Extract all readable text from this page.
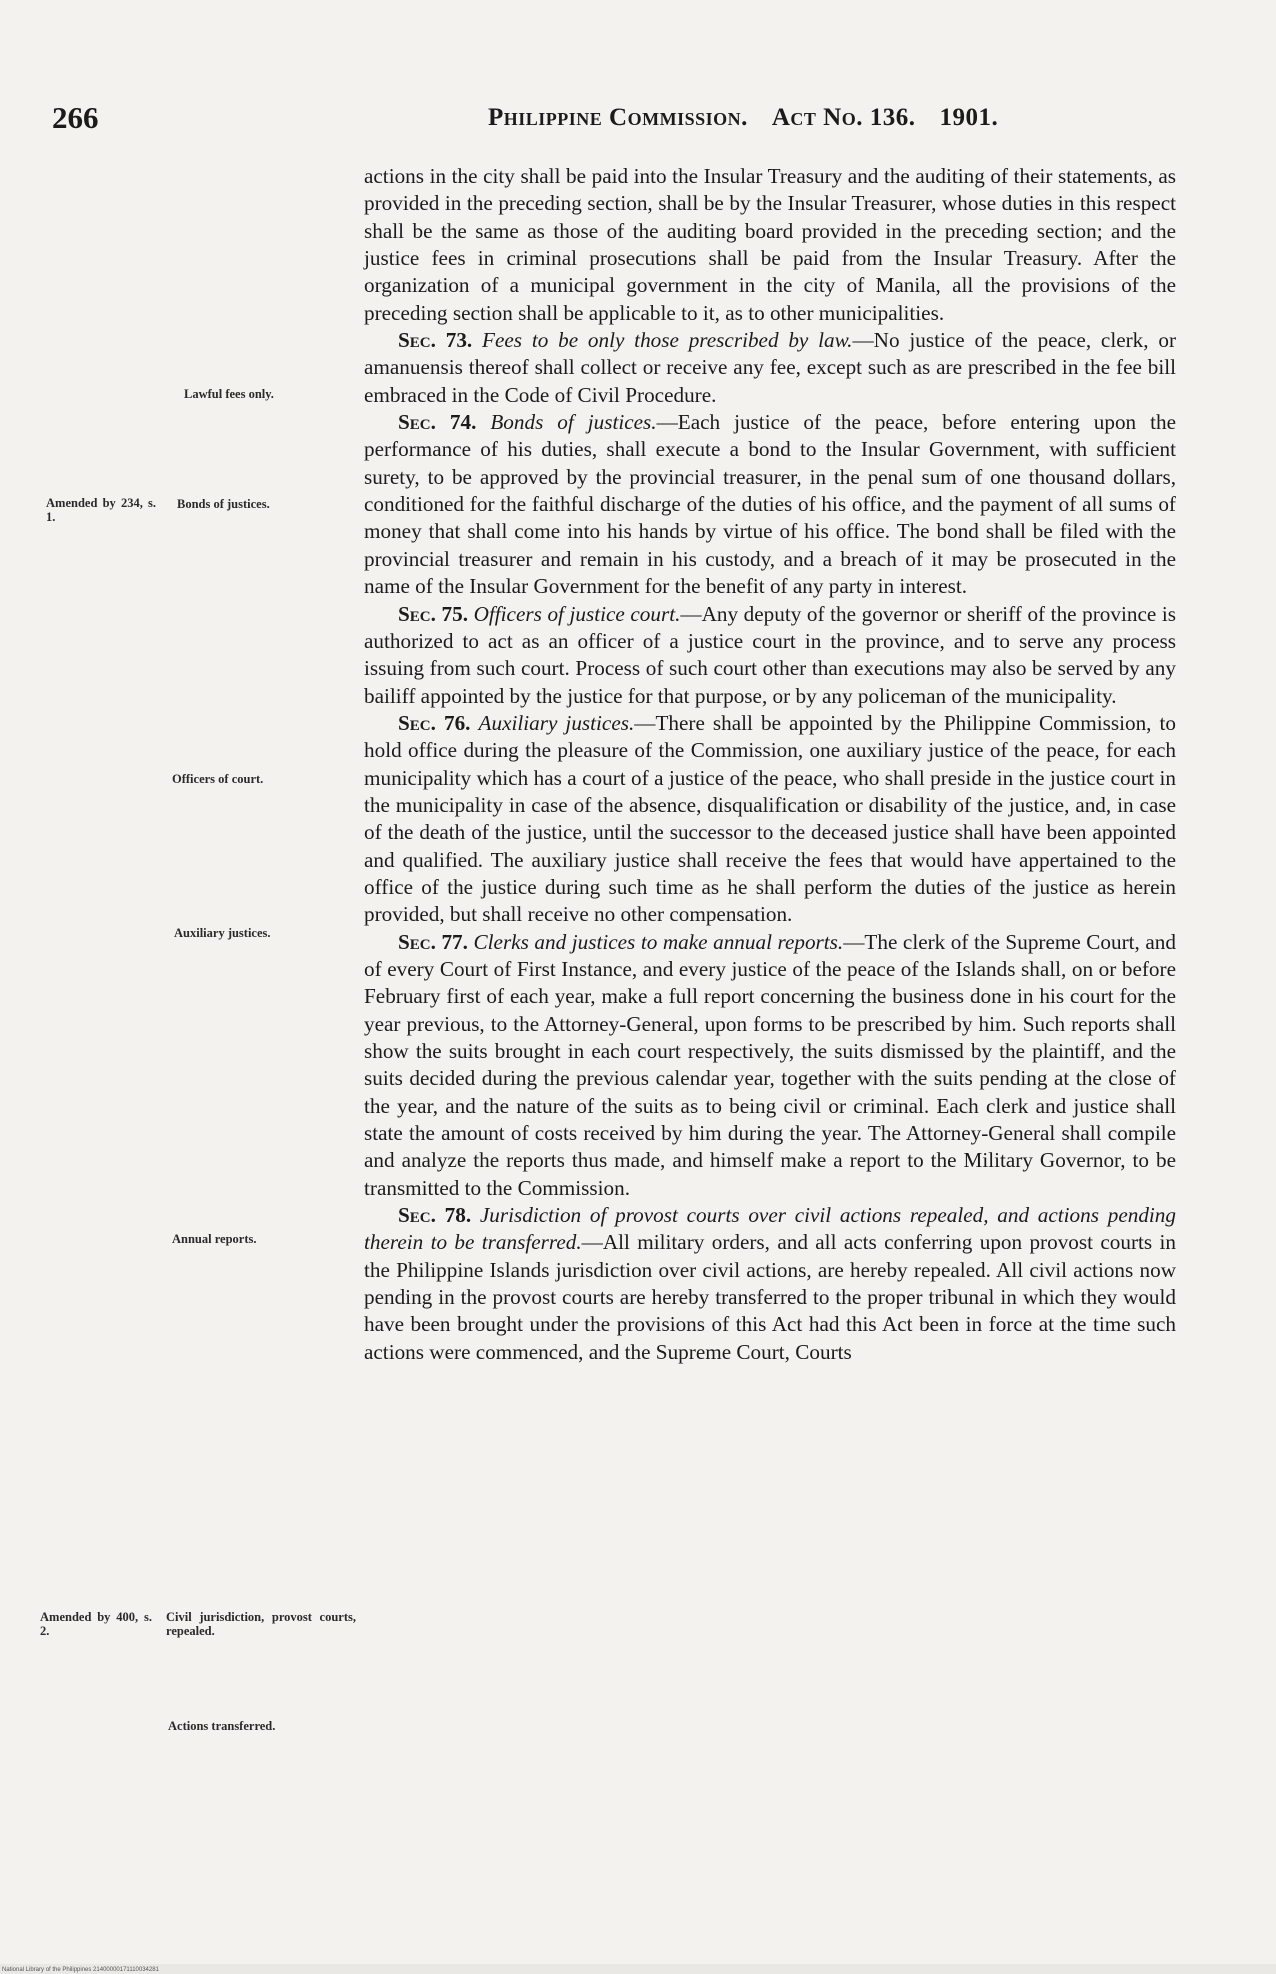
266	Philippine Commission. Act No. 136. 1901.

actions in the city shall be paid into the Insular Treasury and the auditing of their statements, as provided in the preceding section, shall be by the Insular Treasurer, whose duties in this respect shall be the same as those of the auditing board provided in the preceding section; and the justice fees in criminal prosecutions shall be paid from the Insular Treasury. After the organization of a municipal government in the city of Manila, all the provisions of the preceding section shall be applicable to it, as to other municipalities.

Sec. 73. Fees to be only those prescribed by law.—No justice of the peace, clerk, or amanuensis thereof shall collect or receive any fee, except such as are prescribed in the fee bill embraced in the Code of Civil Procedure.

Sec. 74. Bonds of justices.—Each justice of the peace, before entering upon the performance of his duties, shall execute a bond to the Insular Government, with sufficient surety, to be approved by the provincial treasurer, in the penal sum of one thousand dollars, conditioned for the faithful discharge of the duties of his office, and the payment of all sums of money that shall come into his hands by virtue of his office. The bond shall be filed with the provincial treasurer and remain in his custody, and a breach of it may be prosecuted in the name of the Insular Government for the benefit of any party in interest.

Sec. 75. Officers of justice court.—Any deputy of the governor or sheriff of the province is authorized to act as an officer of a justice court in the province, and to serve any process issuing from such court. Process of such court other than executions may also be served by any bailiff appointed by the justice for that purpose, or by any policeman of the municipality.

Sec. 76. Auxiliary justices.—There shall be appointed by the Philippine Commission, to hold office during the pleasure of the Commission, one auxiliary justice of the peace, for each municipality which has a court of a justice of the peace, who shall preside in the justice court in the municipality in case of the absence, disqualification or disability of the justice, and, in case of the death of the justice, until the successor to the deceased justice shall have been appointed and qualified. The auxiliary justice shall receive the fees that would have appertained to the office of the justice during such time as he shall perform the duties of the justice as herein provided, but shall receive no other compensation.

Sec. 77. Clerks and justices to make annual reports.—The clerk of the Supreme Court, and of every Court of First Instance, and every justice of the peace of the Islands shall, on or before February first of each year, make a full report concerning the business done in his court for the year previous, to the Attorney-General, upon forms to be prescribed by him. Such reports shall show the suits brought in each court respectively, the suits dismissed by the plaintiff, and the suits decided during the previous calendar year, together with the suits pending at the close of the year, and the nature of the suits as to being civil or criminal. Each clerk and justice shall state the amount of costs received by him during the year. The Attorney-General shall compile and analyze the reports thus made, and himself make a report to the Military Governor, to be transmitted to the Commission.

Sec. 78. Jurisdiction of provost courts over civil actions repealed, and actions pending therein to be transferred.—All military orders, and all acts conferring upon provost courts in the Philippine Islands jurisdiction over civil actions, are hereby repealed. All civil actions now pending in the provost courts are hereby transferred to the proper tribunal in which they would have been brought under the provisions of this Act had this Act been in force at the time such actions were commenced, and the Supreme Court, Courts

Lawful fees only.
Amended by 234, s. 1.
Bonds of justices.
Officers of court.
Auxiliary justices.
Annual reports.
Amended by 400, s. 2.
Civil jurisdiction, provost courts, repealed.
Actions transferred.
National Library of the Philippines 21400000171110034281
